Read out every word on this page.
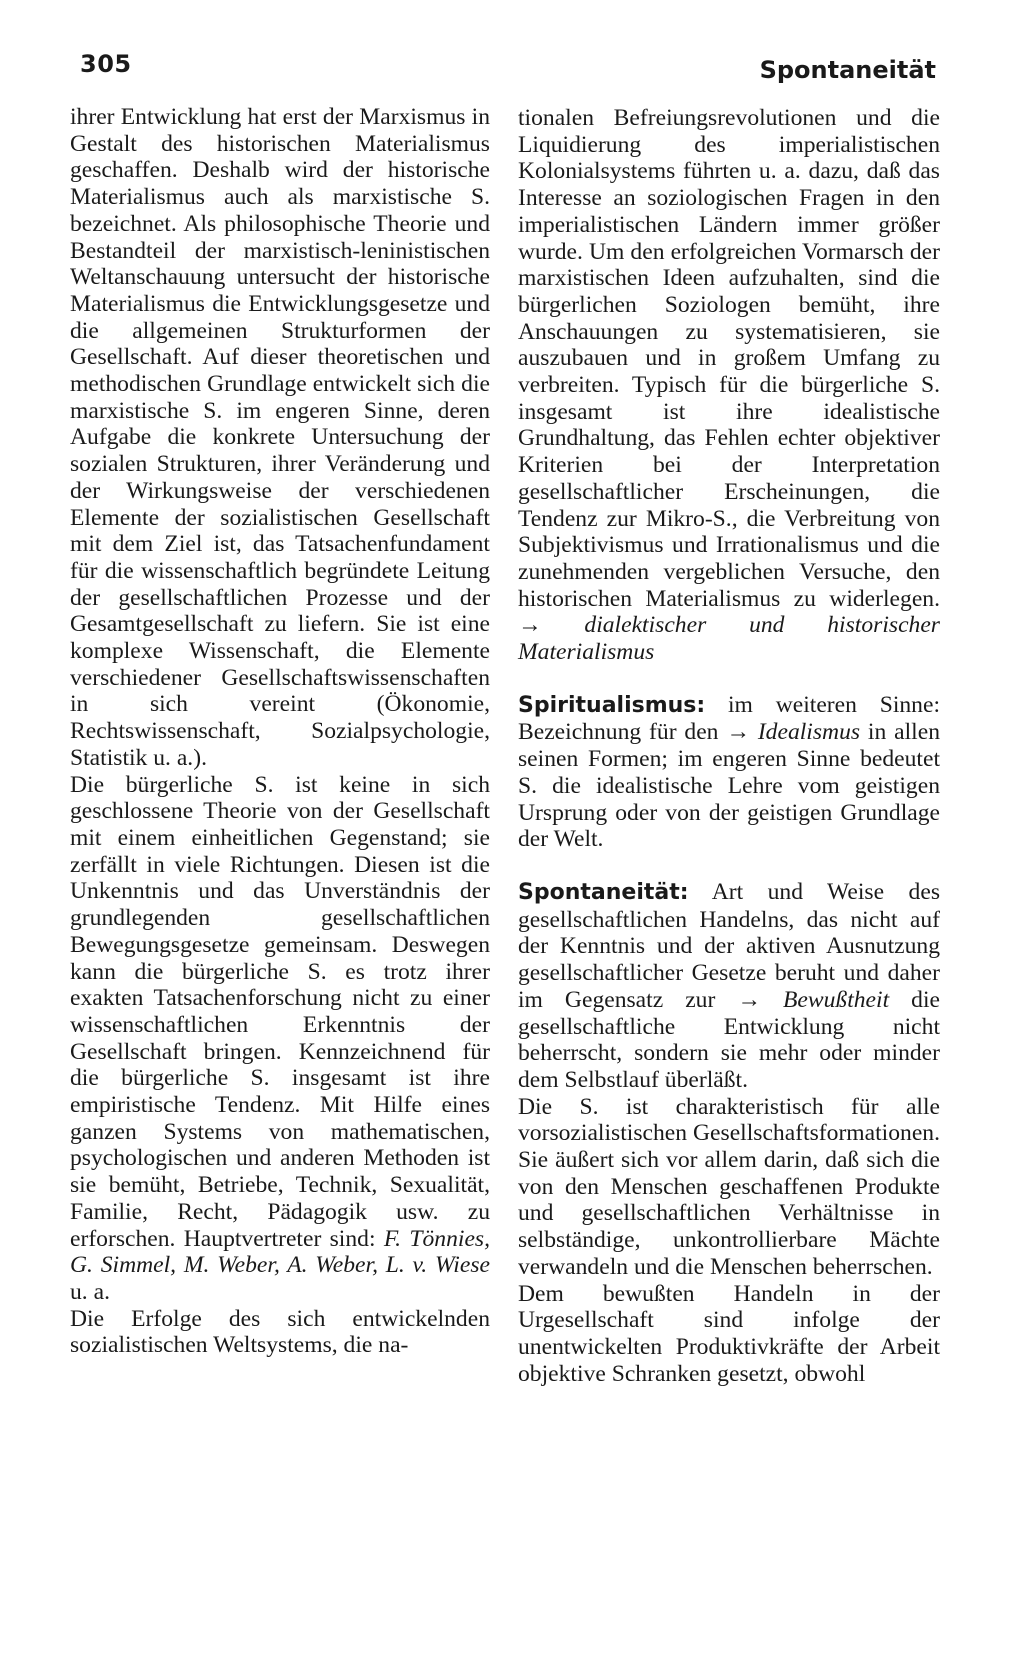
305	Spontaneität

ihrer Entwicklung hat erst der Marxismus in Gestalt des historischen Materialismus geschaffen. Deshalb wird der historische Materialismus auch als marxistische S. bezeichnet. Als philosophische Theorie und Bestandteil der marxistisch-leninistischen Weltanschauung untersucht der historische Materialismus die Entwicklungsgesetze und die allgemeinen Strukturformen der Gesellschaft. Auf dieser theoretischen und methodischen Grundlage entwickelt sich die marxistische S. im engeren Sinne, deren Aufgabe die konkrete Untersuchung der sozialen Strukturen, ihrer Veränderung und der Wirkungsweise der verschiedenen Elemente der sozialistischen Gesellschaft mit dem Ziel ist, das Tatsachenfundament für die wissenschaftlich begründete Leitung der gesellschaftlichen Prozesse und der Gesamtgesellschaft zu liefern. Sie ist eine komplexe Wissenschaft, die Elemente verschiedener Gesellschaftswissenschaften in sich vereint (Ökonomie, Rechtswissenschaft, Sozialpsychologie, Statistik u. a.).

Die bürgerliche S. ist keine in sich geschlossene Theorie von der Gesellschaft mit einem einheitlichen Gegenstand; sie zerfällt in viele Richtungen. Diesen ist die Unkenntnis und das Unverständnis der grundlegenden gesellschaftlichen Bewegungsgesetze gemeinsam. Deswegen kann die bürgerliche S. es trotz ihrer exakten Tatsachenforschung nicht zu einer wissenschaftlichen Erkenntnis der Gesellschaft bringen. Kennzeichnend für die bürgerliche S. insgesamt ist ihre empiristische Tendenz. Mit Hilfe eines ganzen Systems von mathematischen, psychologischen und anderen Methoden ist sie bemüht, Betriebe, Technik, Sexualität, Familie, Recht, Pädagogik usw. zu erforschen. Hauptvertreter sind: F. Tönnies, G. Simmel, M. Weber, A. Weber, L. v. Wiese u. a.

Die Erfolge des sich entwickelnden sozialistischen Weltsystems, die na-

tionalen Befreiungsrevolutionen und die Liquidierung des imperialistischen Kolonialsystems führten u. a. dazu, daß das Interesse an soziologischen Fragen in den imperialistischen Ländern immer größer wurde. Um den erfolgreichen Vormarsch der marxistischen Ideen aufzuhalten, sind die bürgerlichen Soziologen bemüht, ihre Anschauungen zu systematisieren, sie auszubauen und in großem Umfang zu verbreiten. Typisch für die bürgerliche S. insgesamt ist ihre idealistische Grundhaltung, das Fehlen echter objektiver Kriterien bei der Interpretation gesellschaftlicher Erscheinungen, die Tendenz zur Mikro-S., die Verbreitung von Subjektivismus und Irrationalismus und die zunehmenden vergeblichen Versuche, den historischen Materialismus zu widerlegen. → dialektischer und historischer Materialismus

Spiritualismus: im weiteren Sinne: Bezeichnung für den → Idealismus in allen seinen Formen; im engeren Sinne bedeutet S. die idealistische Lehre vom geistigen Ursprung oder von der geistigen Grundlage der Welt.

Spontaneität: Art und Weise des gesellschaftlichen Handelns, das nicht auf der Kenntnis und der aktiven Ausnutzung gesellschaftlicher Gesetze beruht und daher im Gegensatz zur → Bewußtheit die gesellschaftliche Entwicklung nicht beherrscht, sondern sie mehr oder minder dem Selbstlauf überläßt.

Die S. ist charakteristisch für alle vorsozialistischen Gesellschaftsformationen. Sie äußert sich vor allem darin, daß sich die von den Menschen geschaffenen Produkte und gesellschaftlichen Verhältnisse in selbständige, unkontrollierbare Mächte verwandeln und die Menschen beherrschen.

Dem bewußten Handeln in der Urgesellschaft sind infolge der unentwickelten Produktivkräfte der Arbeit objektive Schranken gesetzt, obwohl
